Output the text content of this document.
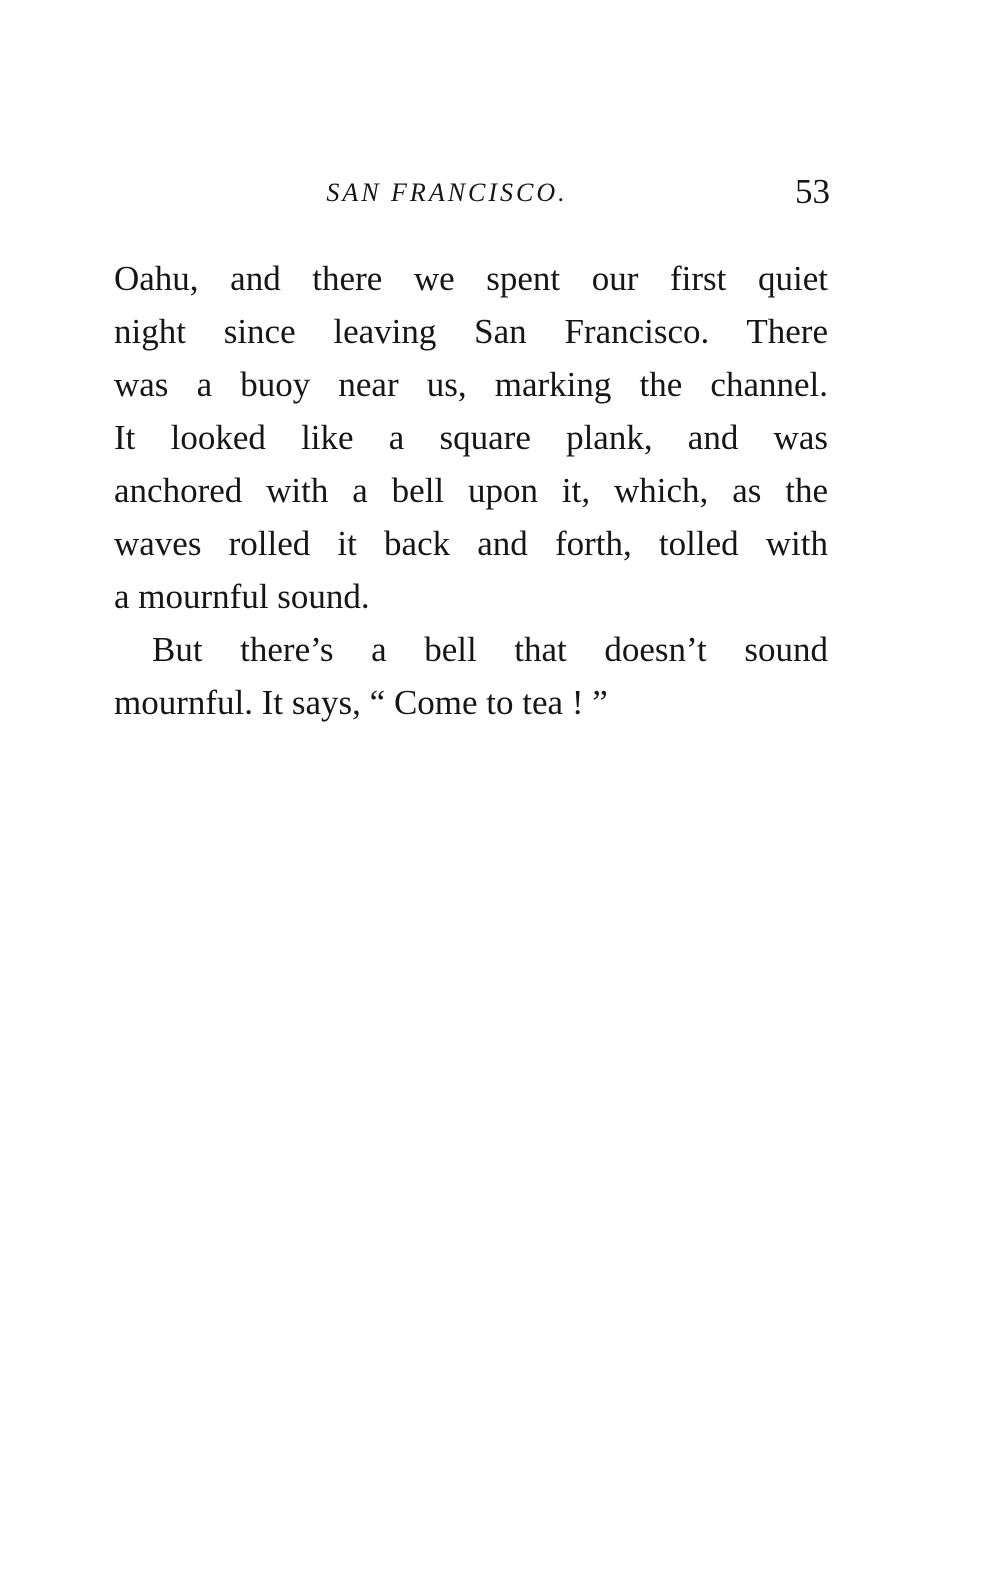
SAN FRANCISCO.	53
Oahu, and there we spent our first quiet
night since leaving San Francisco. There
was a buoy near us, marking the channel.
It looked like a square plank, and was
anchored with a bell upon it, which, as the
waves rolled it back and forth, tolled with
a mournful sound.
But there’s a bell that doesn’t sound
mournful. It says, “ Come to tea ! ”
